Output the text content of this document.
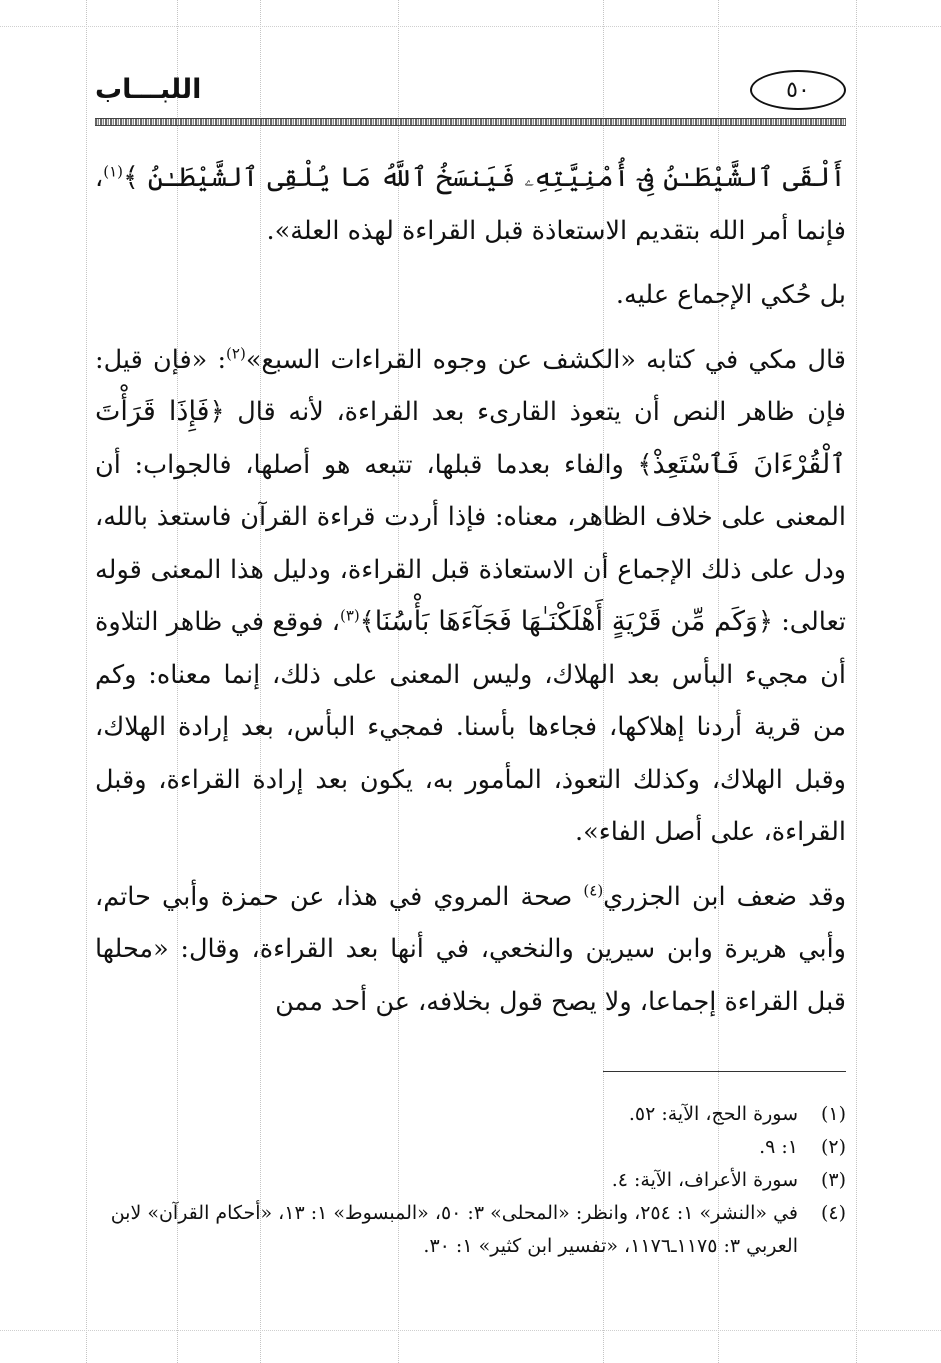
اللبـــاب	٥٠

أَلْقَى ٱلشَّيْطَـٰنُ فِىٓ أُمْنِيَّتِهِۦ فَيَنسَخُ ٱللَّهُ مَا يُلْقِى ٱلشَّيْطَـٰنُ ﴾$^{(١)}$، فإنما أمر الله بتقديم الاستعاذة قبل القراءة لهذه العلة».

بل حُكي الإجماع عليه.

قال مكي في كتابه «الكشف عن وجوه القراءات السبع»$^{(٢)}$: «فإن قيل: فإن ظاهر النص أن يتعوذ القارىء بعد القراءة، لأنه قال ﴿فَإِذَا قَرَأْتَ ٱلْقُرْءَانَ فَٱسْتَعِذْ﴾ والفاء بعدما قبلها، تتبعه هو أصلها، فالجواب: أن المعنى على خلاف الظاهر، معناه: فإذا أردت قراءة القرآن فاستعذ بالله، ودل على ذلك الإجماع أن الاستعاذة قبل القراءة، ودليل هذا المعنى قوله تعالى: ﴿وَكَم مِّن قَرْيَةٍ أَهْلَكْنَـٰهَا فَجَآءَهَا بَأْسُنَا﴾$^{(٣)}$، فوقع في ظاهر التلاوة أن مجيء البأس بعد الهلاك، وليس المعنى على ذلك، إنما معناه: وكم من قرية أردنا إهلاكها، فجاءها بأسنا. فمجيء البأس، بعد إرادة الهلاك، وقبل الهلاك، وكذلك التعوذ، المأمور به، يكون بعد إرادة القراءة، وقبل القراءة، على أصل الفاء».

وقد ضعف ابن الجزري$^{(٤)}$ صحة المروي في هذا، عن حمزة وأبي حاتم، وأبي هريرة وابن سيرين والنخعي، في أنها بعد القراءة، وقال: «محلها قبل القراءة إجماعا، ولا يصح قول بخلافه، عن أحد ممن

(١)
سورة الحج، الآية: ٥٢.
(٢)
١: ٩.
(٣)
سورة الأعراف، الآية: ٤.
(٤)
في «النشر» ١: ٢٥٤، وانظر: «المحلى» ٣: ٥٠، «المبسوط» ١: ١٣، «أحكام القرآن» لابن العربي ٣: ١١٧٥ـ١١٧٦، «تفسير ابن كثير» ١: ٣٠.
